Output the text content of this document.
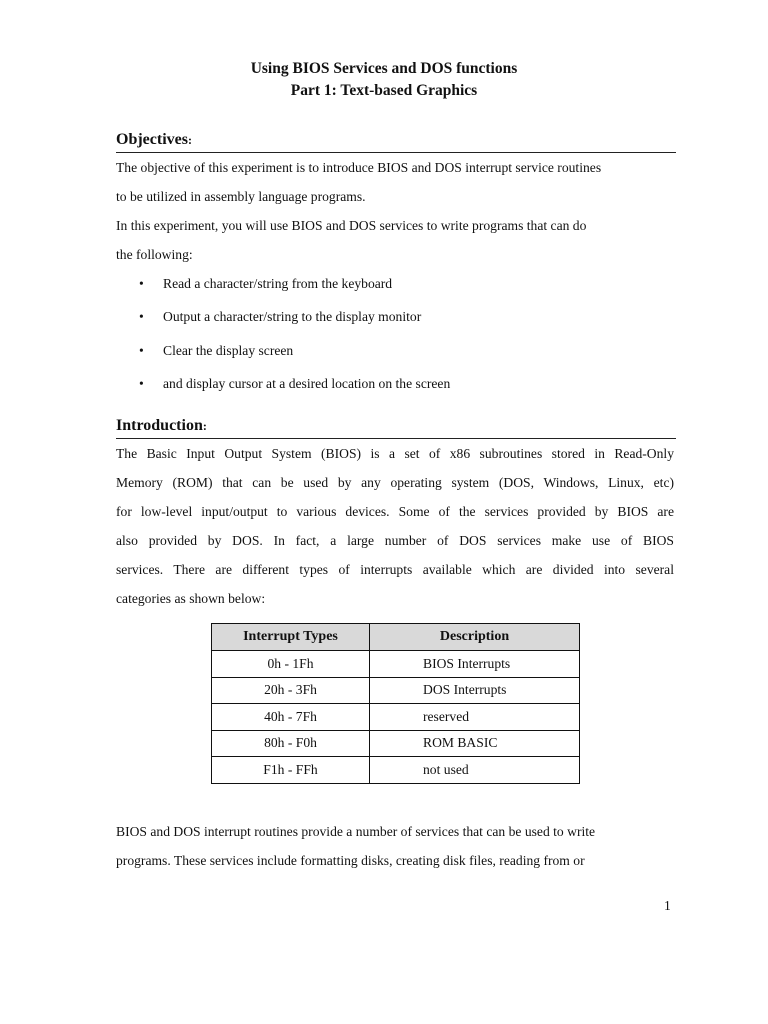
Using BIOS Services and DOS functions
Part 1: Text-based Graphics
Objectives:
The objective of this experiment is to introduce BIOS and DOS interrupt service routines
to be utilized in assembly language programs.
In this experiment, you will use BIOS and DOS services to write programs that can do
the following:
• Read a character/string from the keyboard
• Output a character/string to the display monitor
• Clear the display screen
• and display cursor at a desired location on the screen
Introduction:
The Basic Input Output System (BIOS) is a set of x86 subroutines stored in Read-Only
Memory (ROM) that can be used by any operating system (DOS, Windows, Linux, etc)
for low-level input/output to various devices. Some of the services provided by BIOS are
also provided by DOS. In fact, a large number of DOS services make use of BIOS
services. There are different types of interrupts available which are divided into several
categories as shown below:
Interrupt Types	Description
0h - 1Fh	BIOS Interrupts
20h - 3Fh	DOS Interrupts
40h - 7Fh	reserved
80h - F0h	ROM BASIC
F1h - FFh	not used
BIOS and DOS interrupt routines provide a number of services that can be used to write
programs. These services include formatting disks, creating disk files, reading from or
1
